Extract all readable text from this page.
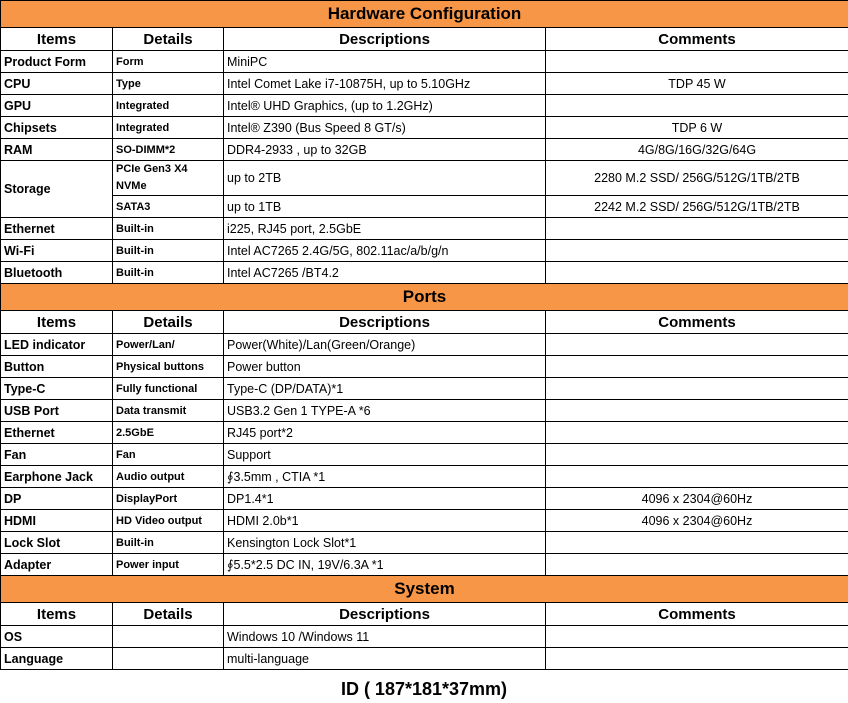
Hardware Configuration			
Items	Details	Descriptions	Comments
Product Form	Form	MiniPC	
CPU	Type	Intel Comet Lake i7-10875H, up to 5.10GHz	TDP 45 W
GPU	Integrated	Intel® UHD Graphics, (up to 1.2GHz)	
Chipsets	Integrated	Intel® Z390 (Bus Speed 8 GT/s)	TDP 6 W
RAM	SO-DIMM*2	DDR4-2933 , up to 32GB	4G/8G/16G/32G/64G
Storage	PCIe Gen3 X4 NVMe	up to 2TB	2280 M.2 SSD/ 256G/512G/1TB/2TB
	SATA3	up to 1TB	2242 M.2 SSD/ 256G/512G/1TB/2TB
Ethernet	Built-in	i225, RJ45 port, 2.5GbE	
Wi-Fi	Built-in	Intel AC7265 2.4G/5G, 802.11ac/a/b/g/n	
Bluetooth	Built-in	Intel AC7265 /BT4.2	
Ports			
Items	Details	Descriptions	Comments
LED indicator	Power/Lan/	Power(White)/Lan(Green/Orange)	
Button	Physical buttons	Power button	
Type-C	Fully functional	Type-C (DP/DATA)*1	
USB Port	Data transmit	USB3.2 Gen 1 TYPE-A *6	
Ethernet	2.5GbE	RJ45 port*2	
Fan	Fan	Support	
Earphone Jack	Audio output	∮3.5mm , CTIA *1	
DP	DisplayPort	DP1.4*1	4096 x 2304@60Hz
HDMI	HD Video output	HDMI 2.0b*1	4096 x 2304@60Hz
Lock Slot	Built-in	Kensington Lock Slot*1	
Adapter	Power input	∮5.5*2.5 DC IN, 19V/6.3A *1	
System			
Items	Details	Descriptions	Comments
OS		Windows 10 /Windows 11	
Language		multi-language	
ID ( 187*181*37mm)
